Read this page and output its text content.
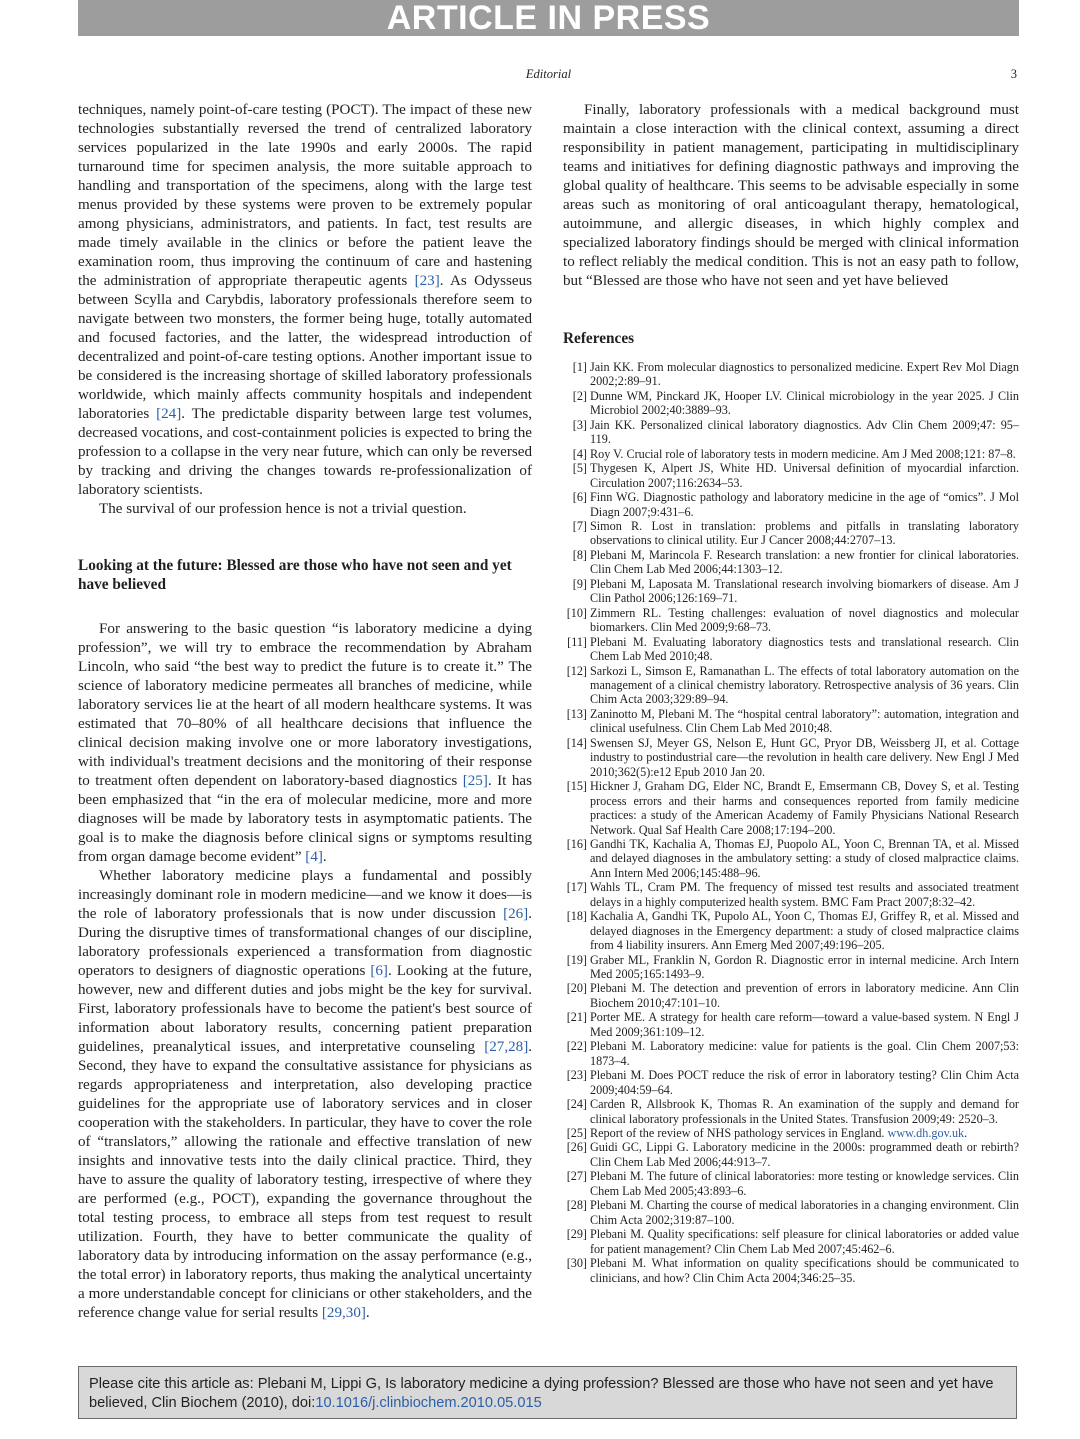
ARTICLE IN PRESS
Editorial	3

techniques, namely point-of-care testing (POCT). The impact of these new technologies substantially reversed the trend of centralized laboratory services popularized in the late 1990s and early 2000s. The rapid turnaround time for specimen analysis, the more suitable approach to handling and transportation of the specimens, along with the large test menus provided by these systems were proven to be extremely popular among physicians, administrators, and patients. In fact, test results are made timely available in the clinics or before the patient leave the examination room, thus improving the continuum of care and hastening the administration of appropriate therapeutic agents [23]. As Odysseus between Scylla and Carybdis, laboratory professionals therefore seem to navigate between two monsters, the former being huge, totally automated and focused factories, and the latter, the widespread introduction of decentralized and point-of-care testing options. Another important issue to be considered is the increasing shortage of skilled laboratory professionals worldwide, which mainly affects community hospitals and independent laboratories [24]. The predictable disparity between large test volumes, decreased vocations, and cost-containment policies is expected to bring the profession to a collapse in the very near future, which can only be reversed by tracking and driving the changes towards re-professionalization of laboratory scientists.

The survival of our profession hence is not a trivial question.

Looking at the future: Blessed are those who have not seen and yet have believed

For answering to the basic question “is laboratory medicine a dying profession”, we will try to embrace the recommendation by Abraham Lincoln, who said “the best way to predict the future is to create it.” The science of laboratory medicine permeates all branches of medicine, while laboratory services lie at the heart of all modern healthcare systems. It was estimated that 70–80% of all healthcare decisions that influence the clinical decision making involve one or more laboratory investigations, with individual's treatment decisions and the monitoring of their response to treatment often dependent on laboratory-based diagnostics [25]. It has been emphasized that “in the era of molecular medicine, more and more diagnoses will be made by laboratory tests in asymptomatic patients. The goal is to make the diagnosis before clinical signs or symptoms resulting from organ damage become evident” [4].

Whether laboratory medicine plays a fundamental and possibly increasingly dominant role in modern medicine—and we know it does—is the role of laboratory professionals that is now under discussion [26]. During the disruptive times of transformational changes of our discipline, laboratory professionals experienced a transformation from diagnostic operators to designers of diagnostic operations [6]. Looking at the future, however, new and different duties and jobs might be the key for survival. First, laboratory professionals have to become the patient's best source of information about laboratory results, concerning patient preparation guidelines, preanalytical issues, and interpretative counseling [27,28]. Second, they have to expand the consultative assistance for physicians as regards appropriateness and interpretation, also developing practice guidelines for the appropriate use of laboratory services and in closer cooperation with the stakeholders. In particular, they have to cover the role of “translators,” allowing the rationale and effective translation of new insights and innovative tests into the daily clinical practice. Third, they have to assure the quality of laboratory testing, irrespective of where they are performed (e.g., POCT), expanding the governance throughout the total testing process, to embrace all steps from test request to result utilization. Fourth, they have to better communicate the quality of laboratory data by introducing information on the assay performance (e.g., the total error) in laboratory reports, thus making the analytical uncertainty a more understandable concept for clinicians or other stakeholders, and the reference change value for serial results [29,30].

Finally, laboratory professionals with a medical background must maintain a close interaction with the clinical context, assuming a direct responsibility in patient management, participating in multidisciplinary teams and initiatives for defining diagnostic pathways and improving the global quality of healthcare. This seems to be advisable especially in some areas such as monitoring of oral anticoagulant therapy, hematological, autoimmune, and allergic diseases, in which highly complex and specialized laboratory findings should be merged with clinical information to reflect reliably the medical condition. This is not an easy path to follow, but “Blessed are those who have not seen and yet have believed

References
[1] Jain KK. From molecular diagnostics to personalized medicine. Expert Rev Mol Diagn 2002;2:89–91.
[2] Dunne WM, Pinckard JK, Hooper LV. Clinical microbiology in the year 2025. J Clin Microbiol 2002;40:3889–93.
[3] Jain KK. Personalized clinical laboratory diagnostics. Adv Clin Chem 2009;47: 95–119.
[4] Roy V. Crucial role of laboratory tests in modern medicine. Am J Med 2008;121: 87–8.
[5] Thygesen K, Alpert JS, White HD. Universal definition of myocardial infarction. Circulation 2007;116:2634–53.
[6] Finn WG. Diagnostic pathology and laboratory medicine in the age of “omics”. J Mol Diagn 2007;9:431–6.
[7] Simon R. Lost in translation: problems and pitfalls in translating laboratory observations to clinical utility. Eur J Cancer 2008;44:2707–13.
[8] Plebani M, Marincola F. Research translation: a new frontier for clinical laboratories. Clin Chem Lab Med 2006;44:1303–12.
[9] Plebani M, Laposata M. Translational research involving biomarkers of disease. Am J Clin Pathol 2006;126:169–71.
[10] Zimmern RL. Testing challenges: evaluation of novel diagnostics and molecular biomarkers. Clin Med 2009;9:68–73.
[11] Plebani M. Evaluating laboratory diagnostics tests and translational research. Clin Chem Lab Med 2010;48.
[12] Sarkozi L, Simson E, Ramanathan L. The effects of total laboratory automation on the management of a clinical chemistry laboratory. Retrospective analysis of 36 years. Clin Chim Acta 2003;329:89–94.
[13] Zaninotto M, Plebani M. The “hospital central laboratory”: automation, integration and clinical usefulness. Clin Chem Lab Med 2010;48.
[14] Swensen SJ, Meyer GS, Nelson E, Hunt GC, Pryor DB, Weissberg JI, et al. Cottage industry to postindustrial care—the revolution in health care delivery. New Engl J Med 2010;362(5):e12 Epub 2010 Jan 20.
[15] Hickner J, Graham DG, Elder NC, Brandt E, Emsermann CB, Dovey S, et al. Testing process errors and their harms and consequences reported from family medicine practices: a study of the American Academy of Family Physicians National Research Network. Qual Saf Health Care 2008;17:194–200.
[16] Gandhi TK, Kachalia A, Thomas EJ, Puopolo AL, Yoon C, Brennan TA, et al. Missed and delayed diagnoses in the ambulatory setting: a study of closed malpractice claims. Ann Intern Med 2006;145:488–96.
[17] Wahls TL, Cram PM. The frequency of missed test results and associated treatment delays in a highly computerized health system. BMC Fam Pract 2007;8:32–42.
[18] Kachalia A, Gandhi TK, Pupolo AL, Yoon C, Thomas EJ, Griffey R, et al. Missed and delayed diagnoses in the Emergency department: a study of closed malpractice claims from 4 liability insurers. Ann Emerg Med 2007;49:196–205.
[19] Graber ML, Franklin N, Gordon R. Diagnostic error in internal medicine. Arch Intern Med 2005;165:1493–9.
[20] Plebani M. The detection and prevention of errors in laboratory medicine. Ann Clin Biochem 2010;47:101–10.
[21] Porter ME. A strategy for health care reform—toward a value-based system. N Engl J Med 2009;361:109–12.
[22] Plebani M. Laboratory medicine: value for patients is the goal. Clin Chem 2007;53: 1873–4.
[23] Plebani M. Does POCT reduce the risk of error in laboratory testing? Clin Chim Acta 2009;404:59–64.
[24] Carden R, Allsbrook K, Thomas R. An examination of the supply and demand for clinical laboratory professionals in the United States. Transfusion 2009;49: 2520–3.
[25] Report of the review of NHS pathology services in England. www.dh.gov.uk.
[26] Guidi GC, Lippi G. Laboratory medicine in the 2000s: programmed death or rebirth? Clin Chem Lab Med 2006;44:913–7.
[27] Plebani M. The future of clinical laboratories: more testing or knowledge services. Clin Chem Lab Med 2005;43:893–6.
[28] Plebani M. Charting the course of medical laboratories in a changing environment. Clin Chim Acta 2002;319:87–100.
[29] Plebani M. Quality specifications: self pleasure for clinical laboratories or added value for patient management? Clin Chem Lab Med 2007;45:462–6.
[30] Plebani M. What information on quality specifications should be communicated to clinicians, and how? Clin Chim Acta 2004;346:25–35.
Please cite this article as: Plebani M, Lippi G, Is laboratory medicine a dying profession? Blessed are those who have not seen and yet have believed, Clin Biochem (2010), doi:10.1016/j.clinbiochem.2010.05.015
